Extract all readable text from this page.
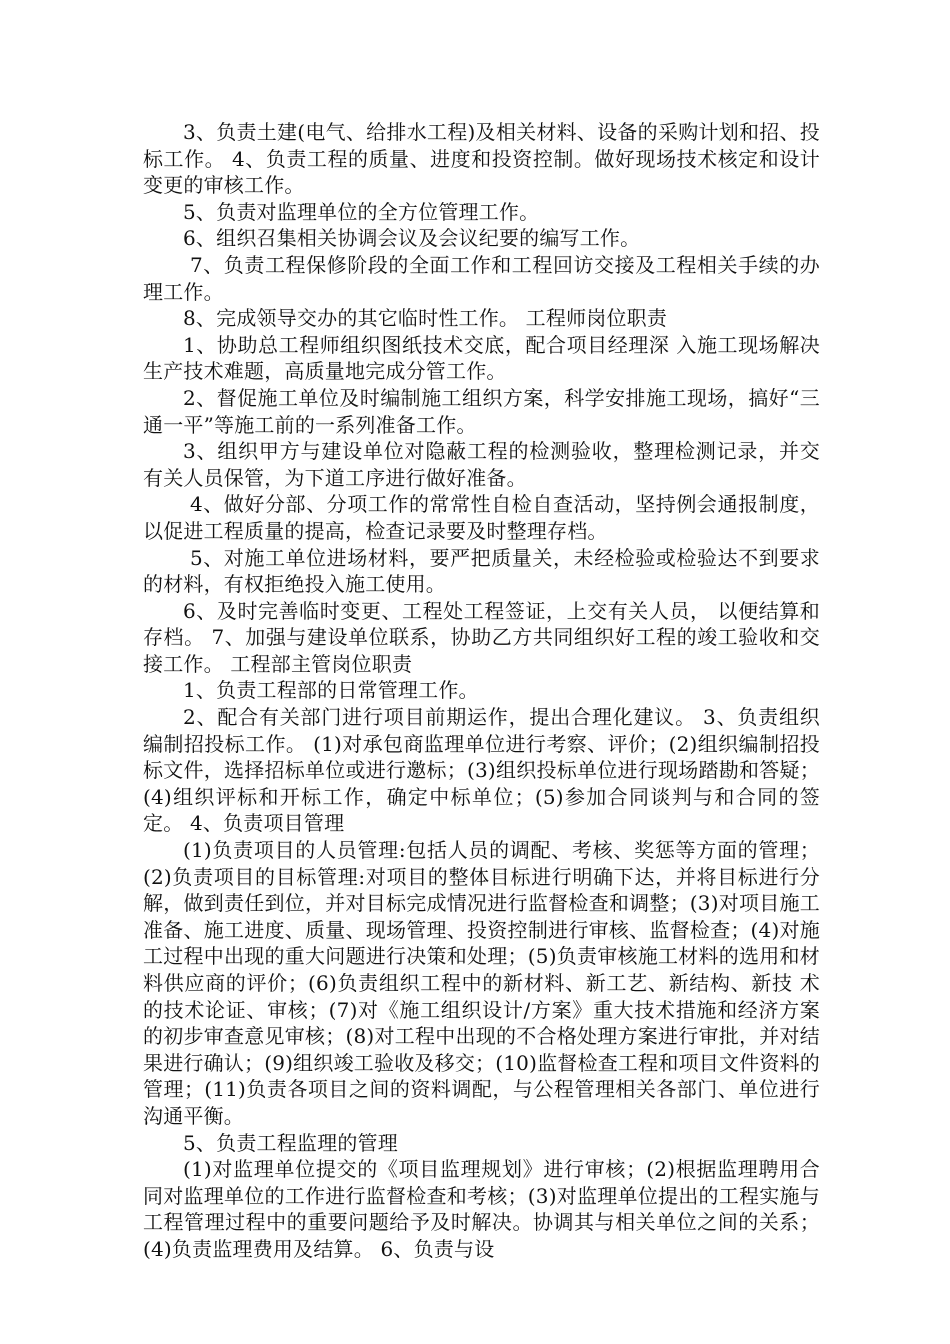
3、负责土建(电气、给排水工程)及相关材料、设备的采购计划和招、投标工作。 4、负责工程的质量、进度和投资控制。做好现场技术核定和设计变更的审核工作。

5、负责对监理单位的全方位管理工作。

6、组织召集相关协调会议及会议纪要的编写工作。

7、负责工程保修阶段的全面工作和工程回访交接及工程相关手续的办理工作。

8、完成领导交办的其它临时性工作。 工程师岗位职责

1、协助总工程师组织图纸技术交底，配合项目经理深 入施工现场解决生产技术难题，高质量地完成分管工作。

2、督促施工单位及时编制施工组织方案，科学安排施工现场，搞好“三通一平”等施工前的一系列准备工作。

3、组织甲方与建设单位对隐蔽工程的检测验收，整理检测记录，并交有关人员保管，为下道工序进行做好准备。

4、做好分部、分项工作的常常性自检自查活动，坚持例会通报制度，以促进工程质量的提高，检查记录要及时整理存档。

5、对施工单位进场材料，要严把质量关，未经检验或检验达不到要求的材料，有权拒绝投入施工使用。

6、及时完善临时变更、工程处工程签证，上交有关人员， 以便结算和存档。 7、加强与建设单位联系，协助乙方共同组织好工程的竣工验收和交接工作。 工程部主管岗位职责

1、负责工程部的日常管理工作。

2、配合有关部门进行项目前期运作，提出合理化建议。 3、负责组织编制招投标工作。 (1)对承包商监理单位进行考察、评价；(2)组织编制招投标文件，选择招标单位或进行邀标；(3)组织投标单位进行现场踏勘和答疑；(4)组织评标和开标工作，确定中标单位；(5)参加合同谈判与和合同的签定。 4、负责项目管理

(1)负责项目的人员管理:包括人员的调配、考核、奖惩等方面的管理；(2)负责项目的目标管理:对项目的整体目标进行明确下达，并将目标进行分解，做到责任到位，并对目标完成情况进行监督检查和调整；(3)对项目施工准备、施工进度、质量、现场管理、投资控制进行审核、监督检查；(4)对施工过程中出现的重大问题进行决策和处理；(5)负责审核施工材料的选用和材料供应商的评价；(6)负责组织工程中的新材料、新工艺、新结构、新技 术的技术论证、审核；(7)对《施工组织设计/方案》重大技术措施和经济方案的初步审查意见审核；(8)对工程中出现的不合格处理方案进行审批，并对结果进行确认；(9)组织竣工验收及移交；(10)监督检查工程和项目文件资料的管理；(11)负责各项目之间的资料调配，与公程管理相关各部门、单位进行沟通平衡。

5、负责工程监理的管理

(1)对监理单位提交的《项目监理规划》进行审核；(2)根据监理聘用合同对监理单位的工作进行监督检查和考核；(3)对监理单位提出的工程实施与工程管理过程中的重要问题给予及时解决。协调其与相关单位之间的关系；(4)负责监理费用及结算。 6、负责与设
